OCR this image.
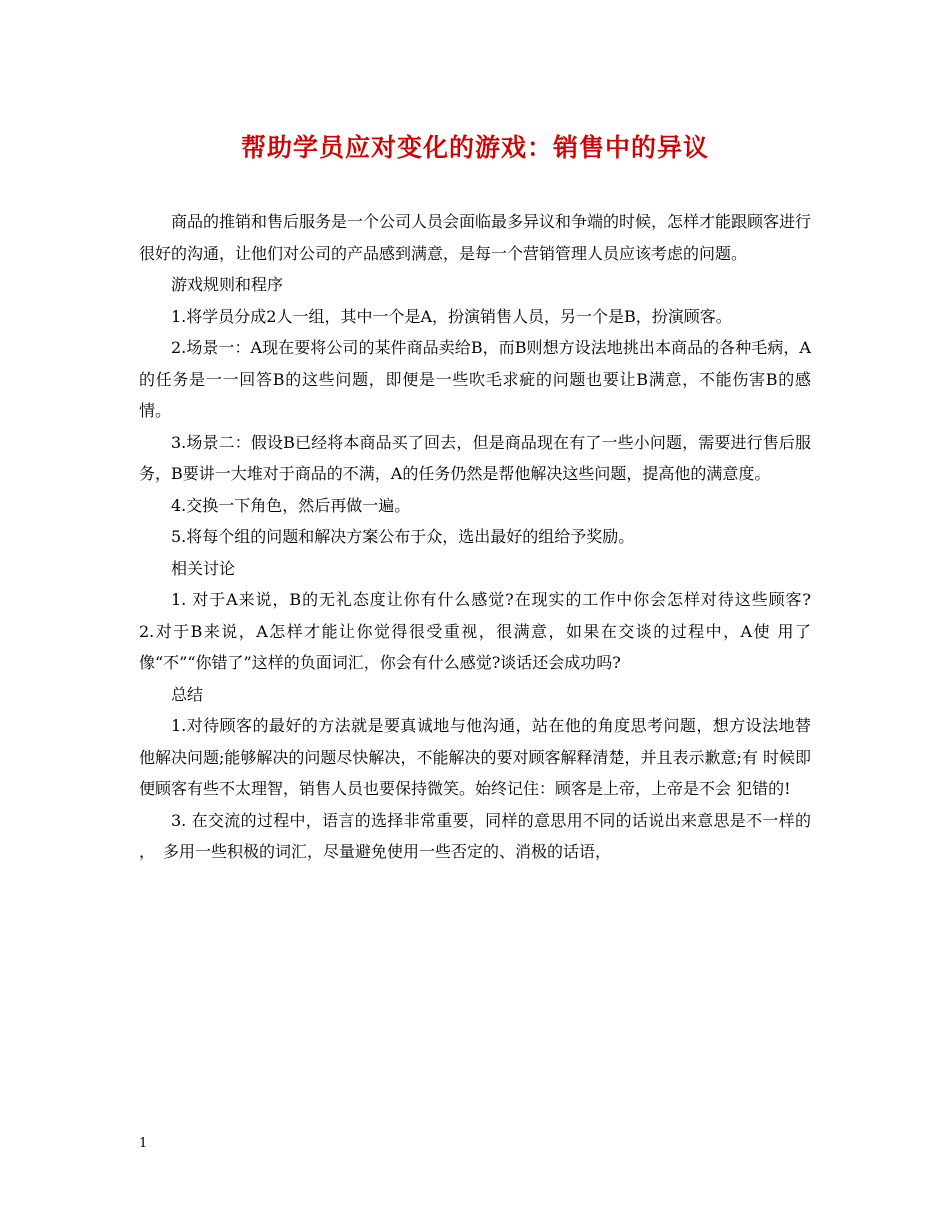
帮助学员应对变化的游戏：销售中的异议

商品的推销和售后服务是一个公司人员会面临最多异议和争端的时候，怎样才能跟顾客进行很好的沟通，让他们对公司的产品感到满意，是每一个营销管理人员应该考虑的问题。

游戏规则和程序

1.将学员分成2人一组，其中一个是A，扮演销售人员，另一个是B，扮演顾客。

2.场景一：A现在要将公司的某件商品卖给B，而B则想方设法地挑出本商品的各种毛病，A 的任务是一一回答B的这些问题，即便是一些吹毛求疵的问题也要让B满意，不能伤害B的感 情。

3.场景二：假设B已经将本商品买了回去，但是商品现在有了一些小问题，需要进行售后服 务，B要讲一大堆对于商品的不满，A的任务仍然是帮他解决这些问题，提高他的满意度。

4.交换一下角色，然后再做一遍。

5.将每个组的问题和解决方案公布于众，选出最好的组给予奖励。

相关讨论

1. 对于A来说，B的无礼态度让你有什么感觉?在现实的工作中你会怎样对待这些顾客?　　2.对于B来说，A怎样才能让你觉得很受重视，很满意，如果在交谈的过程中，A使 用了像“不”“你错了”这样的负面词汇，你会有什么感觉?谈话还会成功吗?

总结

1.对待顾客的最好的方法就是要真诚地与他沟通，站在他的角度思考问题，想方设法地替 他解决问题;能够解决的问题尽快解决，不能解决的要对顾客解释清楚，并且表示歉意;有 时候即便顾客有些不太理智，销售人员也要保持微笑。始终记住：顾客是上帝，上帝是不会 犯错的!

3. 在交流的过程中，语言的选择非常重要，同样的意思用不同的话说出来意思是不一样的 ，　多用一些积极的词汇，尽量避免使用一些否定的、消极的话语，

1
